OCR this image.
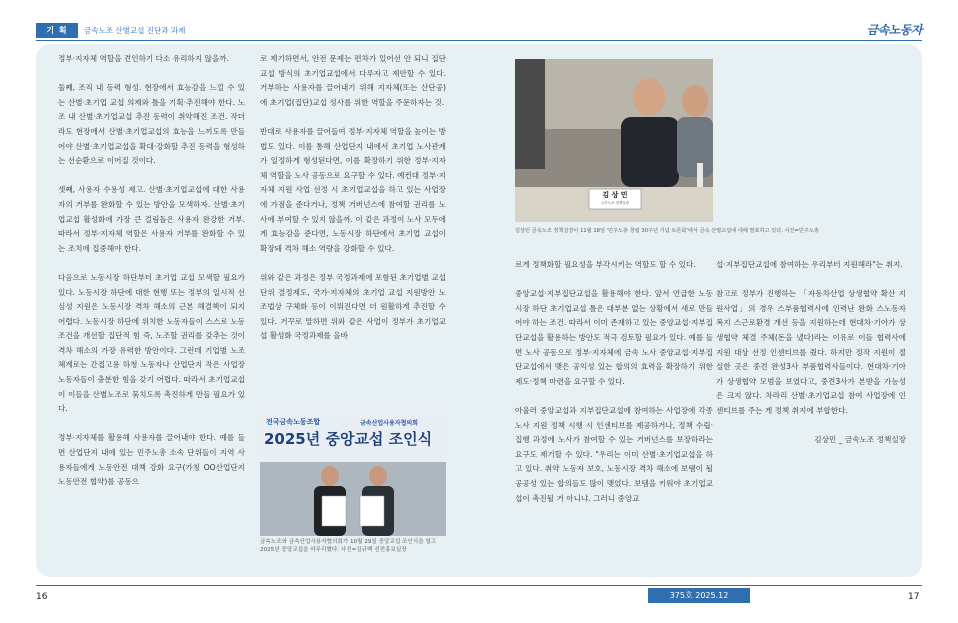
기 획	금속노조 산별교섭 진단과 과제	금속노동자

정부·지자체 역할을 견인하기 다소 유리하지 않을까.

둘째, 조직 내 동력 형성. 현장에서 효능감을 느낄 수 있는 산별·초기업 교섭 의제와 틀을 기획·추진해야 한다. 노조 내 산별·초기업교섭 추진 동력이 취약해진 조건. 작더라도 현장에서 산별·초기업교섭의 효능을 느끼도록 만들어야 산별·초기업교섭을 확대·강화할 추진 동력을 형성하는 선순환으로 이어질 것이다.

셋째, 사용자 수용성 제고. 산별·초기업교섭에 대한 사용자의 거부를 완화할 수 있는 방안을 모색하자. 산별·초기업교섭 활성화에 가장 큰 걸림돌은 사용자 완강한 거부. 따라서 정부·지자체 역할은 사용자 거부를 완화할 수 있는 조치에 집중해야 한다.

다음으로 노동시장 하단부터 초기업 교섭 모색할 필요가 있다. 노동시장 하단에 대한 현행 또는 정부의 일시적 선심성 지원은 노동시장 격차 해소의 근본 해결책이 되지 어렵다. 노동시장 하단에 위치한 노동자들이 스스로 노동조건을 개선할 집단적 힘 즉, 노조할 권리를 갖추는 것이 격차 해소의 가장 유력한 방안이다. 그런데 기업별 노조 체계로는 간접고용 하청 노동자나 산업단지 작은 사업장 노동자들이 충분한 힘을 갖기 어렵다. 따라서 초기업교섭이 이들을 산별노조로 묶치도록 촉진하게 만들 필요가 있다.

정부·지자체를 활용해 사용자를 끌어내야 한다. 예를 들면 산업단지 내에 있는 민주노총 소속 단위들이 지역 사용자들에게 노동안전 대책 강화 요구(가칭 OO산업단지 노동안전 협약)를 공동으

로 제기하면서, 안전 문제는 편차가 있어선 안 되니 집단교섭 방식의 초기업교섭에서 다루자고 제안할 수 있다. 거부하는 사용자를 끌어내기 위해 지자체(또는 산단공)에 초기업(집단)교섭 성사를 위한 역할을 주문하자는 것.

반대로 사용자를 끌어들여 정부·지자체 역할을 높이는 방법도 있다. 이를 통해 산업단지 내에서 초기업 노사관계가 일정하게 형성된다면, 이를 확장하기 위한 정부·지자체 역할을 노사 공동으로 요구할 수 있다. 예컨대 정부·지자체 지원 사업 선정 시 초기업교섭을 하고 있는 사업장에 가점을 준다거나, 정책 거버넌스에 참여할 권리를 노사에 부여할 수 있지 않을까. 이 같은 과정이 노사 모두에게 효능감을 준다면, 노동시장 하단에서 초기업 교섭이 확장돼 격차 해소 역량을 강화할 수 있다.

위와 같은 과정은 정부 국정과제에 포함된 초기업별 교섭단위 결정제도, 국가·지자체의 초기업 교섭 지원방안 노조법상 구체화 등이 이뤄진다면 더 원활하게 추진할 수 있다. 거꾸로 말하면 위와 같은 사업이 정부가 초기업교섭 활성화 국정과제를 을바

전국금속노동조합	금속산업사용자협의회
2025년 중앙교섭 조인식
금속노조와 금속산업사용자협의회가 10월 29일 중앙교섭 조인식을 열고 2025년 중앙교섭을 마무리했다. 사진=김규백 선전홍보실장
김 상 민
금속노조 정책실장
김상민 금속노조 정책실장이 11월 18일 '민주노총 창립 30주년 기념 토론회'에서 금속 산별교섭에 대해 발표하고 있다. 사진=민주노총

르게 정책화할 필요성을 부각시키는 역할도 할 수 있다.

중앙교섭·지부집단교섭을 활용해야 한다. 앞서 언급한 노동시장 하단 초기업교섭 틀은 대부분 없는 상황에서 새로 만들어야 하는 조건. 따라서 이미 존재하고 있는 중앙교섭·지부집단교섭을 활용하는 방안도 적극 검토할 필요가 있다. 예를 들면 노사 공동으로 정부·지자체에 금속 노사 중앙교섭·지부집단교섭에서 맺은 공익성 있는 합의의 효력을 확장하기 위한 제도·정책 마련을 요구할 수 있다.

아울러 중앙교섭과 지부집단교섭에 참여하는 사업장에 각종 노사 지원 정책 시행 시 인센티브를 제공하거나, 정책 수립·집행 과정에 노사가 참여할 수 있는 거버넌스를 보장하라는 요구도 제기할 수 있다. "우리는 이미 산별·초기업교섭을 하고 있다. 취약 노동자 보호, 노동시장 격차 해소에 보탬이 될 공공성 있는 합의들도 많이 맺었다. 보템을 키워야 초기업교섭이 촉진될 거 아니냐. 그러니 중앙교

섭·지부집단교섭에 참여하는 우리부터 지원해라"는 취지.

참고로 정부가 진행하는 「자동차산업 상생협약 확산 지원사업」의 경우 스부품협력사에 인력난 완화 스노동자 복지 스근로환경 개선 등을 지원하는데 현대차·기아가 상생협약 체결 주체(돈을 냈다)라는 이유로 이들 협력사에 지원 대상 선정 인센티브를 줬다. 하지만 정작 지원이 절실한 곳은 중견 완성3사 부품협력사들이다. 현대차·기아가 상생협약 모범을 보였다고, 중견3사가 본받을 가능성은 크지 않다. 차라리 산별·초기업교섭 참여 사업장에 인센티브를 주는 게 정책 취지에 부합한다.

김상민 _ 금속노조 정책실장

16	375호 2025.12	17
